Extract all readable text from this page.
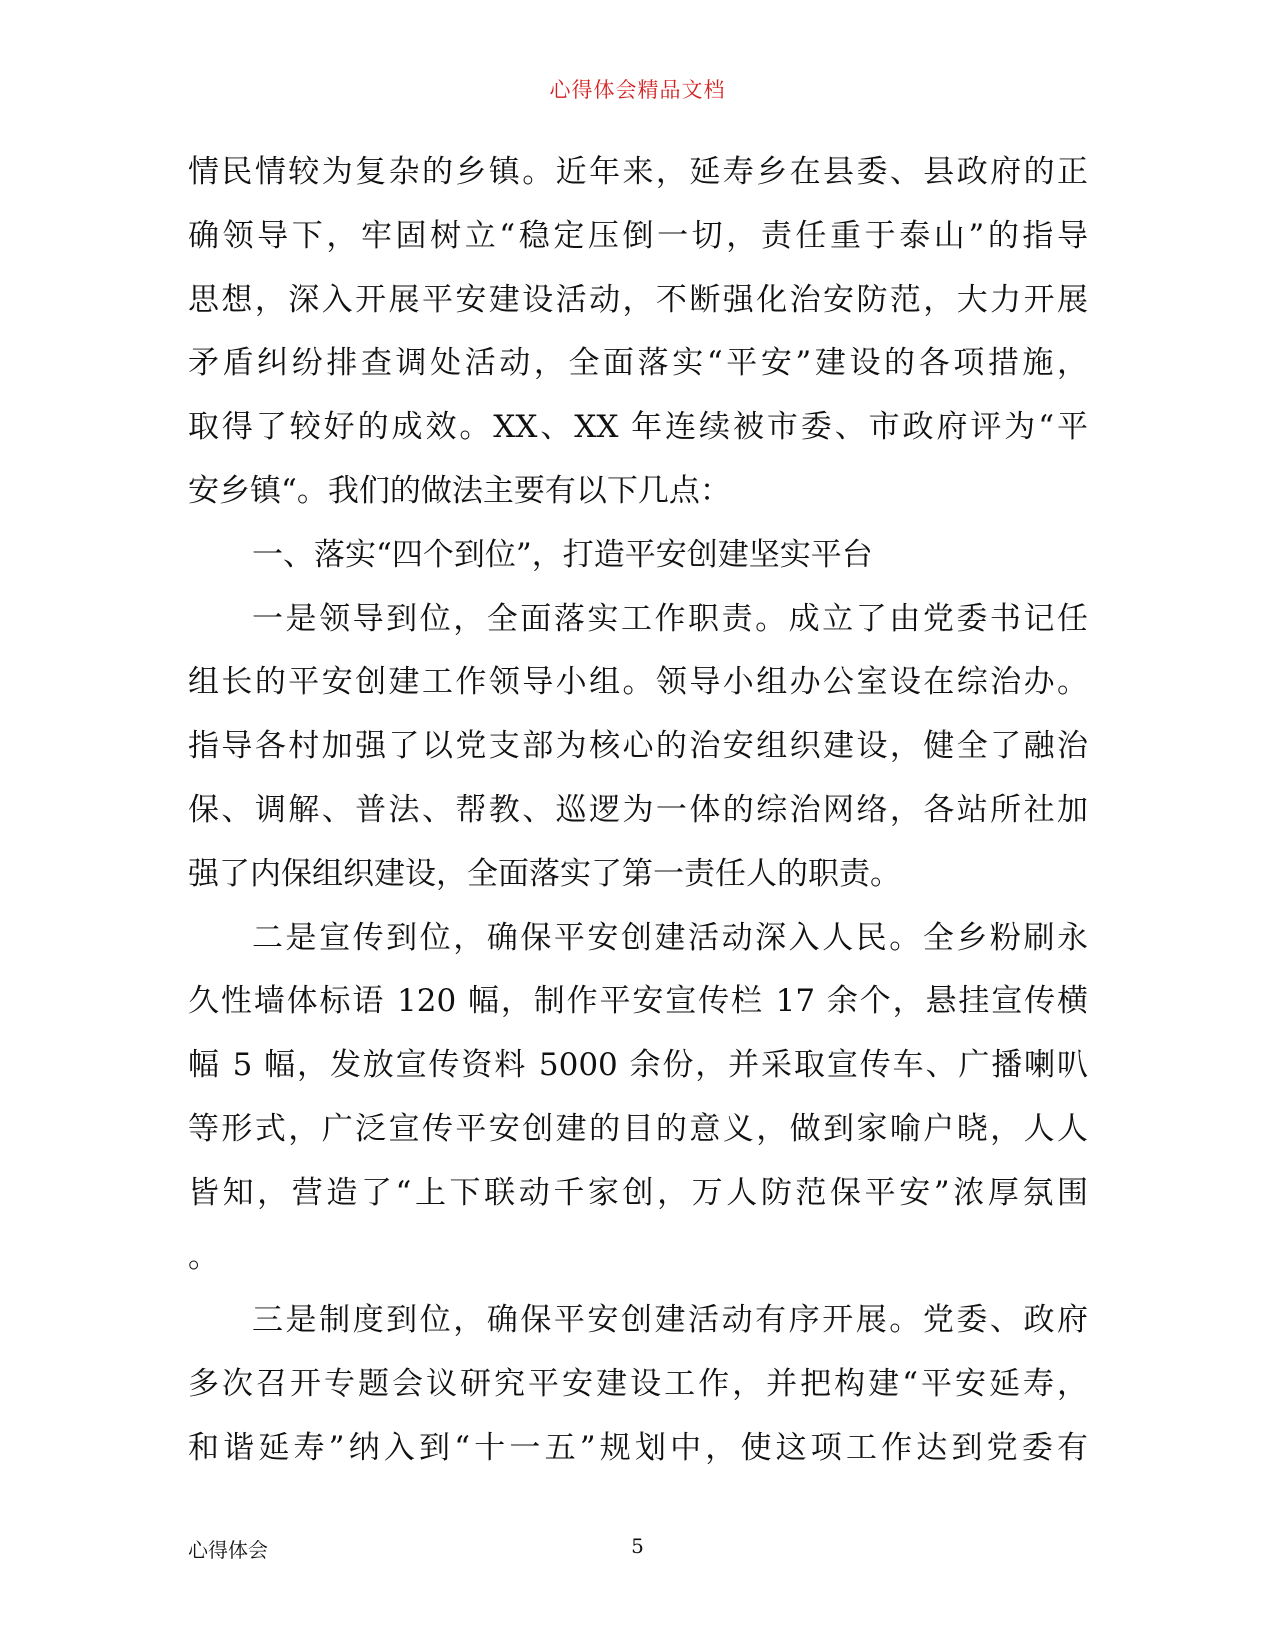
心得体会精品文档
情民情较为复杂的乡镇。近年来，延寿乡在县委、县政府的正
确领导下，牢固树立“稳定压倒一切，责任重于泰山”的指导
思想，深入开展平安建设活动，不断强化治安防范，大力开展
矛盾纠纷排查调处活动，全面落实“平安”建设的各项措施，
取得了较好的成效。XX、XX 年连续被市委、市政府评为“平
安乡镇“。我们的做法主要有以下几点：
一、落实“四个到位”，打造平安创建坚实平台
一是领导到位，全面落实工作职责。成立了由党委书记任
组长的平安创建工作领导小组。领导小组办公室设在综治办。
指导各村加强了以党支部为核心的治安组织建设，健全了融治
保、调解、普法、帮教、巡逻为一体的综治网络，各站所社加
强了内保组织建设，全面落实了第一责任人的职责。
二是宣传到位，确保平安创建活动深入人民。全乡粉刷永
久性墙体标语 120 幅，制作平安宣传栏 17 余个，悬挂宣传横
幅 5 幅，发放宣传资料 5000 余份，并采取宣传车、广播喇叭
等形式，广泛宣传平安创建的目的意义，做到家喻户晓，人人
皆知，营造了“上下联动千家创，万人防范保平安”浓厚氛围
。
三是制度到位，确保平安创建活动有序开展。党委、政府
多次召开专题会议研究平安建设工作，并把构建“平安延寿，
和谐延寿”纳入到“十一五”规划中，使这项工作达到党委有
心得体会	5
